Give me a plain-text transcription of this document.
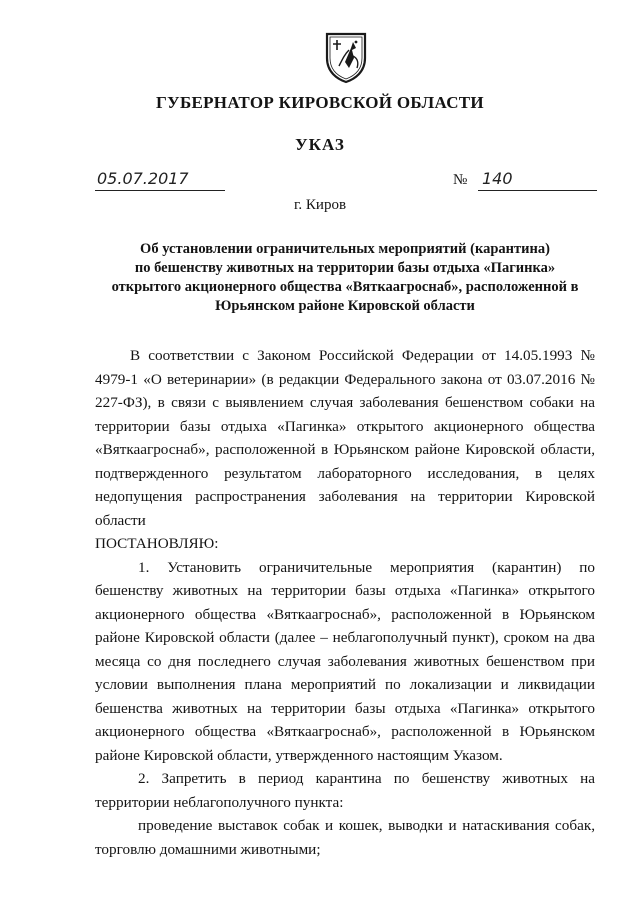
ГУБЕРНАТОР КИРОВСКОЙ ОБЛАСТИ
УКАЗ
05.07.2017	№ 140
г. Киров
Об установлении ограничительных мероприятий (карантина)
по бешенству животных на территории базы отдыха «Пагинка»
открытого акционерного общества «Вяткаагроснаб», расположенной в
Юрьянском районе Кировской области

В соответствии с Законом Российской Федерации от 14.05.1993 № 4979-1 «О ветеринарии» (в редакции Федерального закона от 03.07.2016 № 227-ФЗ), в связи с выявлением случая заболевания бешенством собаки на территории базы отдыха «Пагинка» открытого акционерного общества «Вяткаагроснаб», расположенной в Юрьянском районе Кировской области, подтвержденного результатом лабораторного исследования, в целях недопущения распространения заболевания на территории Кировской области

ПОСТАНОВЛЯЮ:

1. Установить ограничительные мероприятия (карантин) по бешенству животных на территории базы отдыха «Пагинка» открытого акционерного общества «Вяткаагроснаб», расположенной в Юрьянском районе Кировской области (далее – неблагополучный пункт), сроком на два месяца со дня последнего случая заболевания животных бешенством при условии выполнения плана мероприятий по локализации и ликвидации бешенства животных на территории базы отдыха «Пагинка» открытого акционерного общества «Вяткаагроснаб», расположенной в Юрьянском районе Кировской области, утвержденного настоящим Указом.

2. Запретить в период карантина по бешенству животных на территории неблагополучного пункта:

проведение выставок собак и кошек, выводки и натаскивания собак, торговлю домашними животными;
